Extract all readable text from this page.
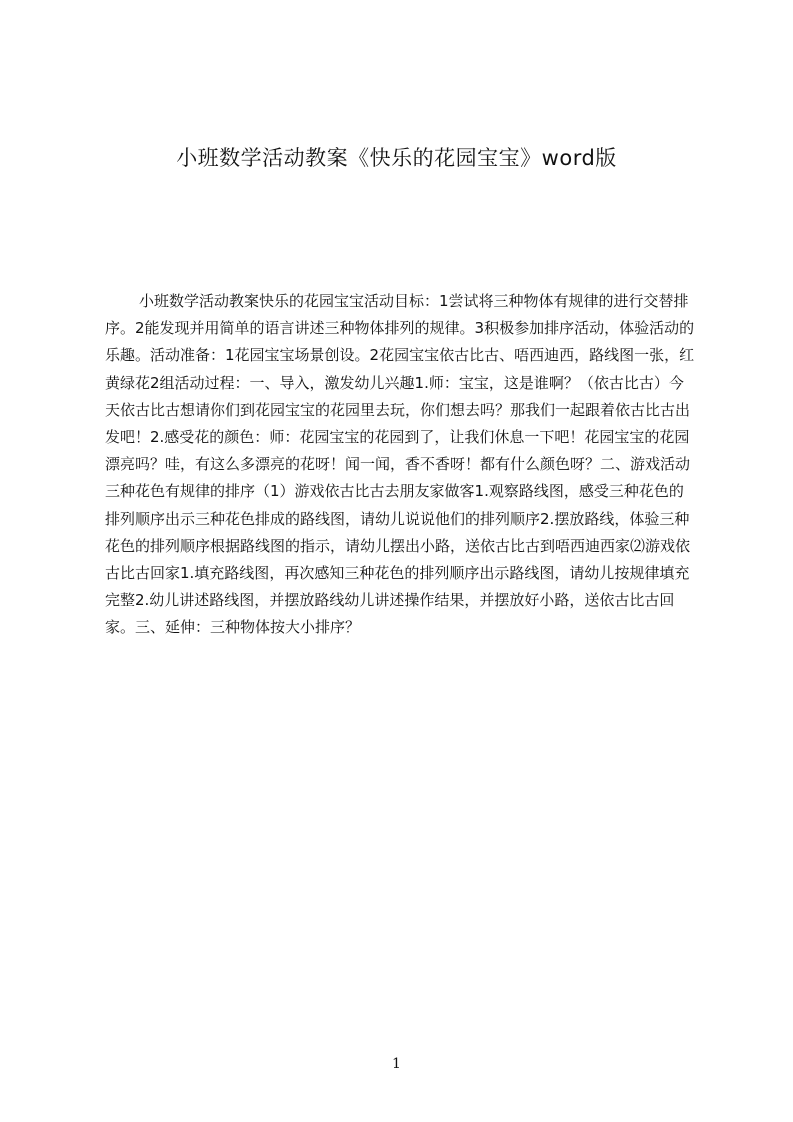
小班数学活动教案《快乐的花园宝宝》word版

小班数学活动教案快乐的花园宝宝活动目标：1尝试将三种物体有规律的进行交替排序。2能发现并用简单的语言讲述三种物体排列的规律。3积极参加排序活动，体验活动的乐趣。活动准备：1花园宝宝场景创设。2花园宝宝依古比古、唔西迪西，路线图一张，红黄绿花2组活动过程：一、导入，激发幼儿兴趣1.师：宝宝，这是谁啊？（依古比古）今天依古比古想请你们到花园宝宝的花园里去玩，你们想去吗？那我们一起跟着依古比古出发吧！2.感受花的颜色：师：花园宝宝的花园到了，让我们休息一下吧！花园宝宝的花园漂亮吗？哇，有这么多漂亮的花呀！闻一闻，香不香呀！都有什么颜色呀？二、游戏活动三种花色有规律的排序（1）游戏依古比古去朋友家做客1.观察路线图，感受三种花色的排列顺序出示三种花色排成的路线图，请幼儿说说他们的排列顺序2.摆放路线，体验三种花色的排列顺序根据路线图的指示，请幼儿摆出小路，送依古比古到唔西迪西家⑵游戏依古比古回家1.填充路线图，再次感知三种花色的排列顺序出示路线图，请幼儿按规律填充完整2.幼儿讲述路线图，并摆放路线幼儿讲述操作结果，并摆放好小路，送依古比古回家。三、延伸：三种物体按大小排序？

1
